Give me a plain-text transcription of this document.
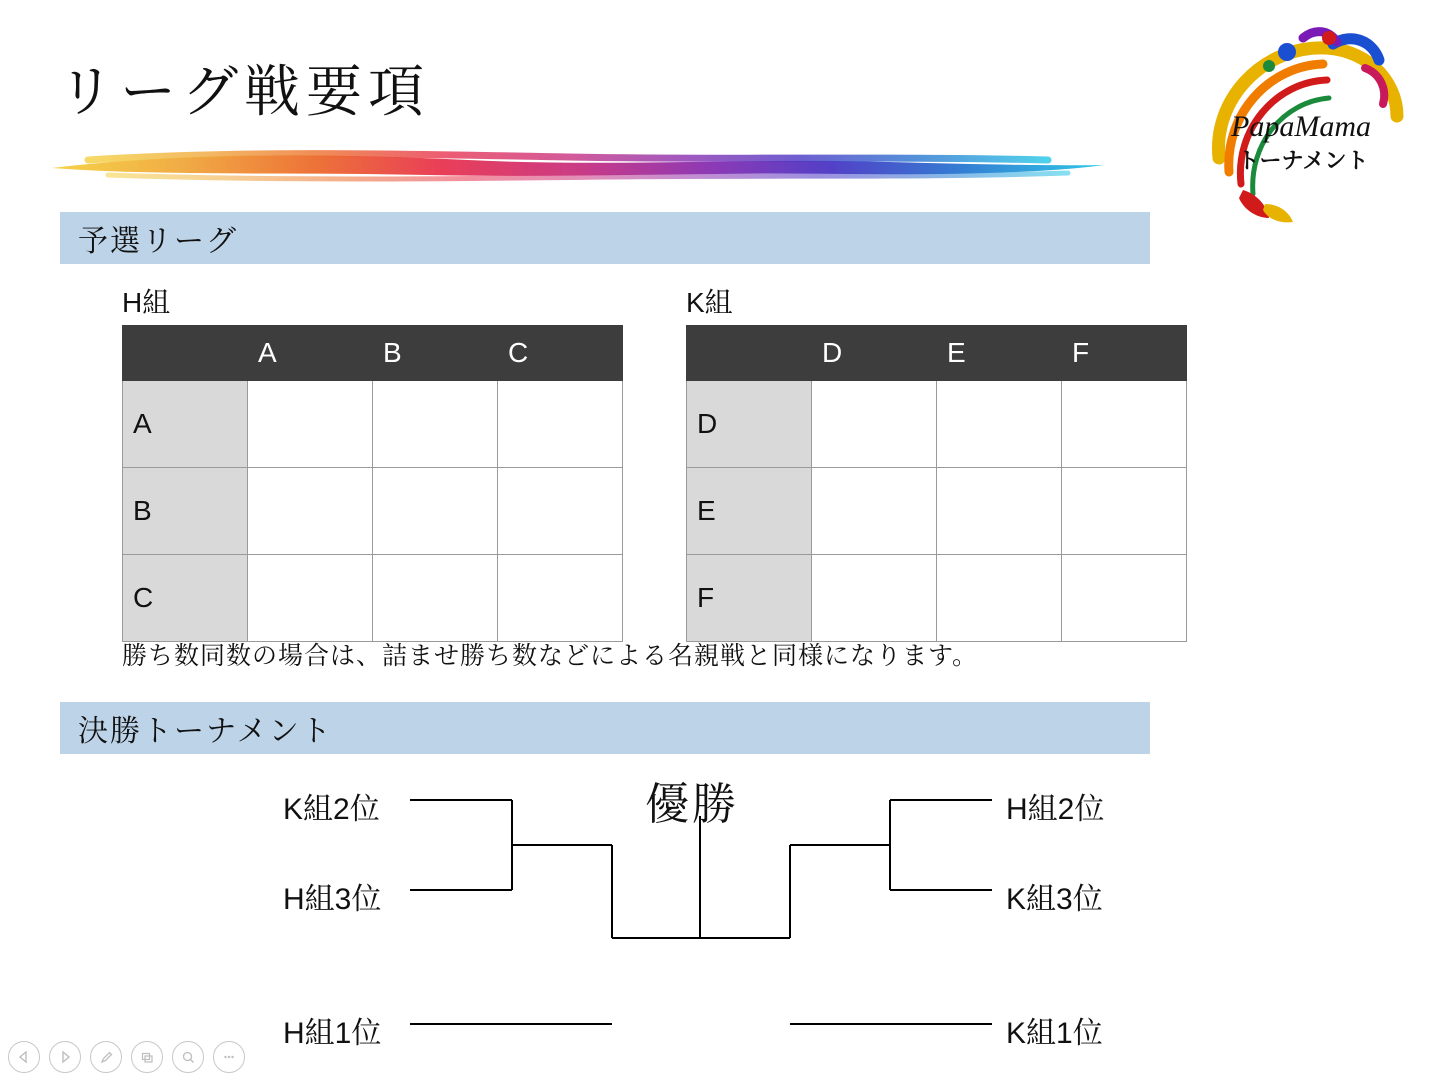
リーグ戦要項
PapaMama
トーナメント
予選リーグ
H組
	A	B	C
A			
B			
C			
K組
	D	E	F
D			
E			
F			
勝ち数同数の場合は、詰ませ勝ち数などによる名親戦と同様になります。
決勝トーナメント
優勝
K組2位
H組3位
H組1位
H組2位
K組3位
K組1位
